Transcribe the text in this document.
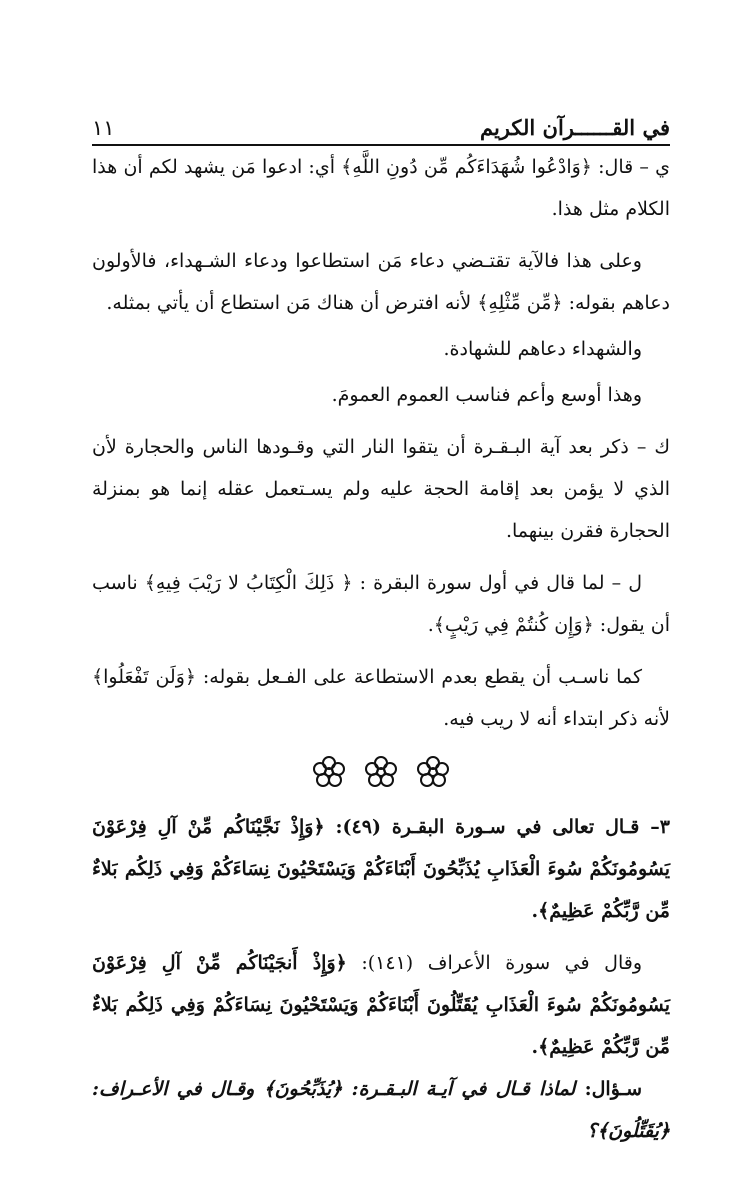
في القــــــرآن الكريم
١١

ي – قال: ﴿وَادْعُوا شُهَدَاءَكُم مِّن دُونِ اللَّهِ﴾ أي: ادعوا مَن يشهد لكم أن هذا الكلام مثل هذا.

وعلى هذا فالآية تقتـضي دعاء مَن استطاعوا ودعاء الشـهداء، فالأولون دعاهم بقوله: ﴿مِّن مِّثْلِهِ﴾ لأنه افترض أن هناك مَن استطاع أن يأتي بمثله.

والشهداء دعاهم للشهادة.

وهذا أوسع وأعم فناسب العموم العمومَ.

ك – ذكر بعد آية البـقـرة أن يتقوا النار التي وقـودها الناس والحجارة لأن الذي لا يؤمن بعد إقامة الحجة عليه ولم يسـتعمل عقله إنما هو بمنزلة الحجارة فقرن بينهما.

ل – لما قال في أول سورة البقرة : ﴿ ذَلِكَ الْكِتَابُ لا رَيْبَ فِيهِ﴾ ناسب أن يقول: ﴿وَإِن كُنتُمْ فِي رَيْبٍ﴾.

كما ناسـب أن يقطع بعدم الاستطاعة على الفـعل بقوله: ﴿وَلَن تَفْعَلُوا﴾ لأنه ذكر ابتداء أنه لا ريب فيه.

٣– قـال تعالى في سـورة البقـرة (٤٩): ﴿وَإِذْ نَجَّيْنَاكُم مِّنْ آلِ فِرْعَوْنَ يَسُومُونَكُمْ سُوءَ الْعَذَابِ يُذَبِّحُونَ أَبْنَاءَكُمْ وَيَسْتَحْيُونَ نِسَاءَكُمْ وَفِي ذَلِكُم بَلاءٌ مِّن رَّبِّكُمْ عَظِيمٌ﴾.

وقال في سورة الأعراف (١٤١): ﴿وَإِذْ أَنجَيْنَاكُم مِّنْ آلِ فِرْعَوْنَ يَسُومُونَكُمْ سُوءَ الْعَذَابِ يُقَتِّلُونَ أَبْنَاءَكُمْ وَيَسْتَحْيُونَ نِسَاءَكُمْ وَفِي ذَلِكُم بَلاءٌ مِّن رَّبِّكُمْ عَظِيمٌ﴾.

سـؤال: لماذا قـال في آيـة البـقـرة: ﴿يُذَبِّحُونَ﴾ وقـال في الأعـراف: ﴿يُقَتِّلُونَ﴾؟
